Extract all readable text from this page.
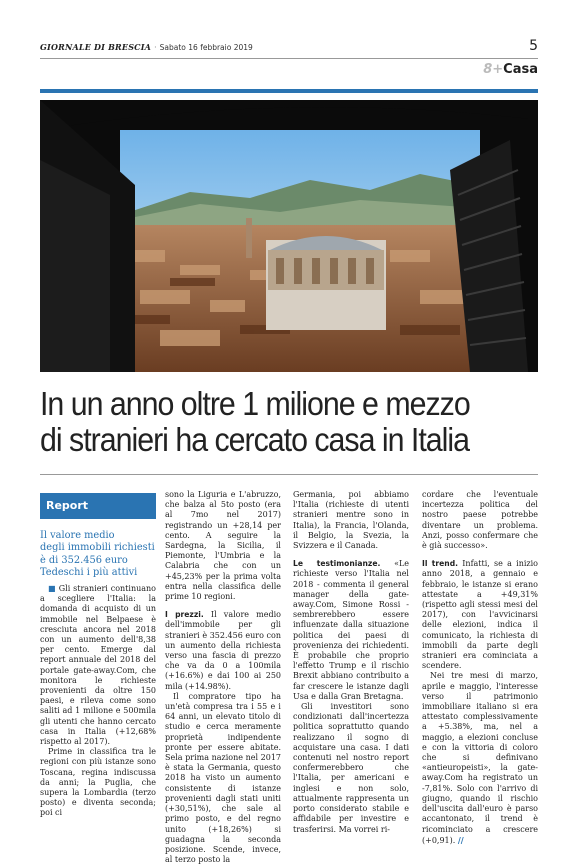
GIORNALE DI BRESCIA · Sabato 16 febbraio 2019	5
8+Casa
In un anno oltre 1 milione e mezzo
di stranieri ha cercato casa in Italia
Report
Il valore medio
degli immobili richiesti
è di 352.456 euro
Tedeschi i più attivi

■ Gli stranieri continuano a scegliere l'Italia: la domanda di acquisto di un immobile nel Belpaese è cresciuta ancora nel 2018 con un aumento dell'8,38 per cento. Emerge dal report annuale del 2018 del portale gate-away.Com, che monitora le richieste provenienti da oltre 150 paesi, e rileva come sono saliti ad 1 milione e 500mila gli utenti che hanno cercato casa in Italia (+12,68% rispetto al 2017).

Prime in classifica tra le regioni con più istanze sono Toscana, regina indiscussa da anni; la Puglia, che supera la Lombardia (terzo posto) e diventa seconda; poi ci

sono la Liguria e L'abruzzo, che balza al 5to posto (era al 7mo nel 2017) registrando un +28,14 per cento. A seguire la Sardegna, la Sicilia, il Piemonte, l'Umbria e la Calabria che con un +45,23% per la prima volta entra nella classifica delle prime 10 regioni.

I prezzi. Il valore medio dell'immobile per gli stranieri è 352.456 euro con un aumento della richiesta verso una fascia di prezzo che va da 0 a 100mila (+16.6%) e dai 100 ai 250 mila (+14.98%).

Il compratore tipo ha un'età compresa tra i 55 e i 64 anni, un elevato titolo di studio e cerca meramente proprietà indipendente pronte per essere abitate. Sela prima nazione nel 2017 è stata la Germania, questo 2018 ha visto un aumento consistente di istanze provenienti dagli stati uniti (+30,51%), che sale al primo posto, e del regno unito (+18,26%) si guadagna la seconda posizione. Scende, invece, al terzo posto la

Germania, poi abbiamo l'Italia (richieste di utenti stranieri mentre sono in Italia), la Francia, l'Olanda, il Belgio, la Svezia, la Svizzera e il Canada.

Le testimonianze. «Le richieste verso l'Italia nel 2018 - commenta il general manager della gate-away.Com, Simone Rossi - sembrerebbero essere influenzate dalla situazione politica dei paesi di provenienza dei richiedenti. È probabile che proprio l'effetto Trump e il rischio Brexit abbiano contribuito a far crescere le istanze dagli Usa e dalla Gran Bretagna.

Gli investitori sono condizionati dall'incertezza politica soprattutto quando realizzano il sogno di acquistare una casa. I dati contenuti nel nostro report confermerebbero che l'Italia, per americani e inglesi e non solo, attualmente rappresenta un porto considerato stabile e affidabile per investire e trasferirsi. Ma vorrei ri-

cordare che l'eventuale incertezza politica del nostro paese potrebbe diventare un problema. Anzi, posso confermare che è già successo».

Il trend. Infatti, se a inizio anno 2018, a gennaio e febbraio, le istanze si erano attestate a +49,31% (rispetto agli stessi mesi del 2017), con l'avvicinarsi delle elezioni, indica il comunicato, la richiesta di immobili da parte degli stranieri era cominciata a scendere.

Nei tre mesi di marzo, aprile e maggio, l'interesse verso il patrimonio immobiliare italiano si era attestato complessivamente a +5.38%, ma, nel a maggio, a elezioni concluse e con la vittoria di coloro che si definivano «antieuropeisti», la gate-away.Com ha registrato un -7,81%. Solo con l'arrivo di giugno, quando il rischio dell'uscita dall'euro è parso accantonato, il trend è ricominciato a crescere (+0,91). //
